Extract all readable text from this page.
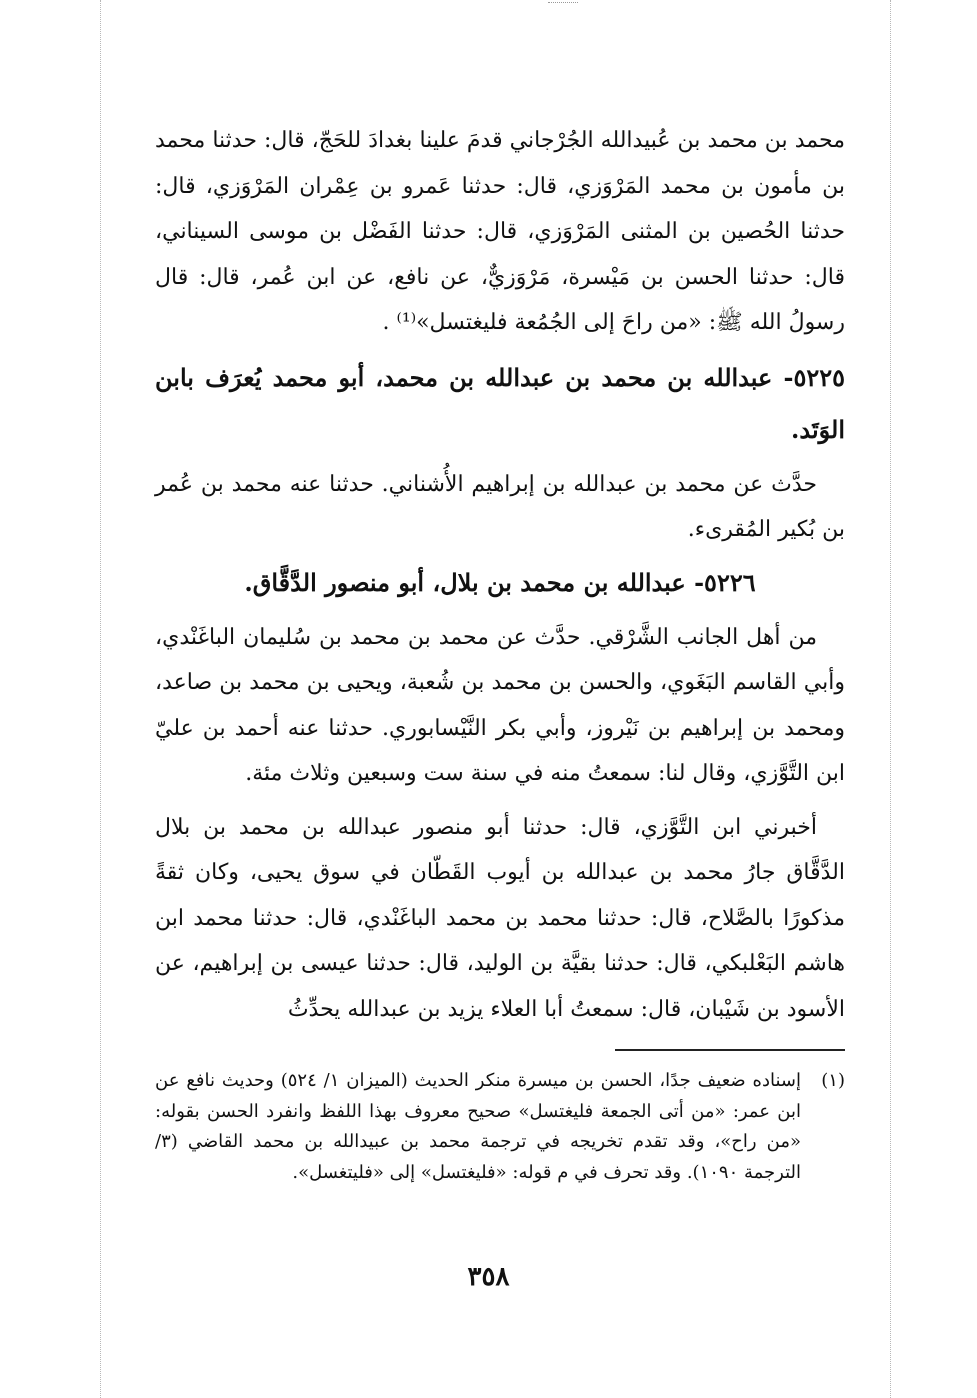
محمد بن محمد بن عُبيدالله الجُرْجاني قدمَ علينا بغدادَ للحَجّ، قال: حدثنا محمد بن مأمون بن محمد المَرْوَزي، قال: حدثنا عَمرو بن عِمْران المَرْوَزي، قال: حدثنا الحُصين بن المثنى المَرْوَزي، قال: حدثنا الفَضْل بن موسى السيناني، قال: حدثنا الحسن بن مَيْسرة، مَرْوَزيٌّ، عن نافع، عن ابن عُمر، قال: قال رسولُ الله ﷺ: «من راحَ إلى الجُمُعة فليغتسل»⁽¹⁾ .

٥٢٢٥- عبدالله بن محمد بن عبدالله بن محمد، أبو محمد يُعرَف بابن الوَتَد.

حدَّث عن محمد بن عبدالله بن إبراهيم الأُشناني. حدثنا عنه محمد بن عُمر بن بُكير المُقرىء.

٥٢٢٦- عبدالله بن محمد بن بلال، أبو منصور الدَّقَّاق.

من أهل الجانب الشَّرْقي. حدَّث عن محمد بن محمد بن سُليمان الباغَنْدي، وأبي القاسم البَغَوي، والحسن بن محمد بن شُعبة، ويحيى بن محمد بن صاعد، ومحمد بن إبراهيم بن نَيْروز، وأبي بكر النَّيْسابوري. حدثنا عنه أحمد بن عليّ ابن التَّوَّزي، وقال لنا: سمعتُ منه في سنة ست وسبعين وثلاث مئة.

أخبرني ابن التَّوَّزي، قال: حدثنا أبو منصور عبدالله بن محمد بن بلال الدَّقَّاق جارُ محمد بن عبدالله بن أيوب القَطّان في سوق يحيى، وكان ثقةً مذكورًا بالصَّلاح، قال: حدثنا محمد بن محمد الباغَنْدي، قال: حدثنا محمد ابن هاشم البَعْلبكي، قال: حدثنا بقيَّة بن الوليد، قال: حدثنا عيسى بن إبراهيم، عن الأسود بن شَيْبان، قال: سمعتُ أبا العلاء يزيد بن عبدالله يحدِّثُ

(١)
إسناده ضعيف جدًا، الحسن بن ميسرة منكر الحديث (الميزان ١/ ٥٢٤) وحديث نافع عن ابن عمر: «من أتى الجمعة فليغتسل» صحيح معروف بهذا اللفظ وانفرد الحسن بقوله: «من راح»، وقد تقدم تخريجه في ترجمة محمد بن عبيدالله بن محمد القاضي (٣/ الترجمة ١٠٩٠). وقد تحرف في م قوله: «فليغتسل» إلى «فليتغسل».
٣٥٨
